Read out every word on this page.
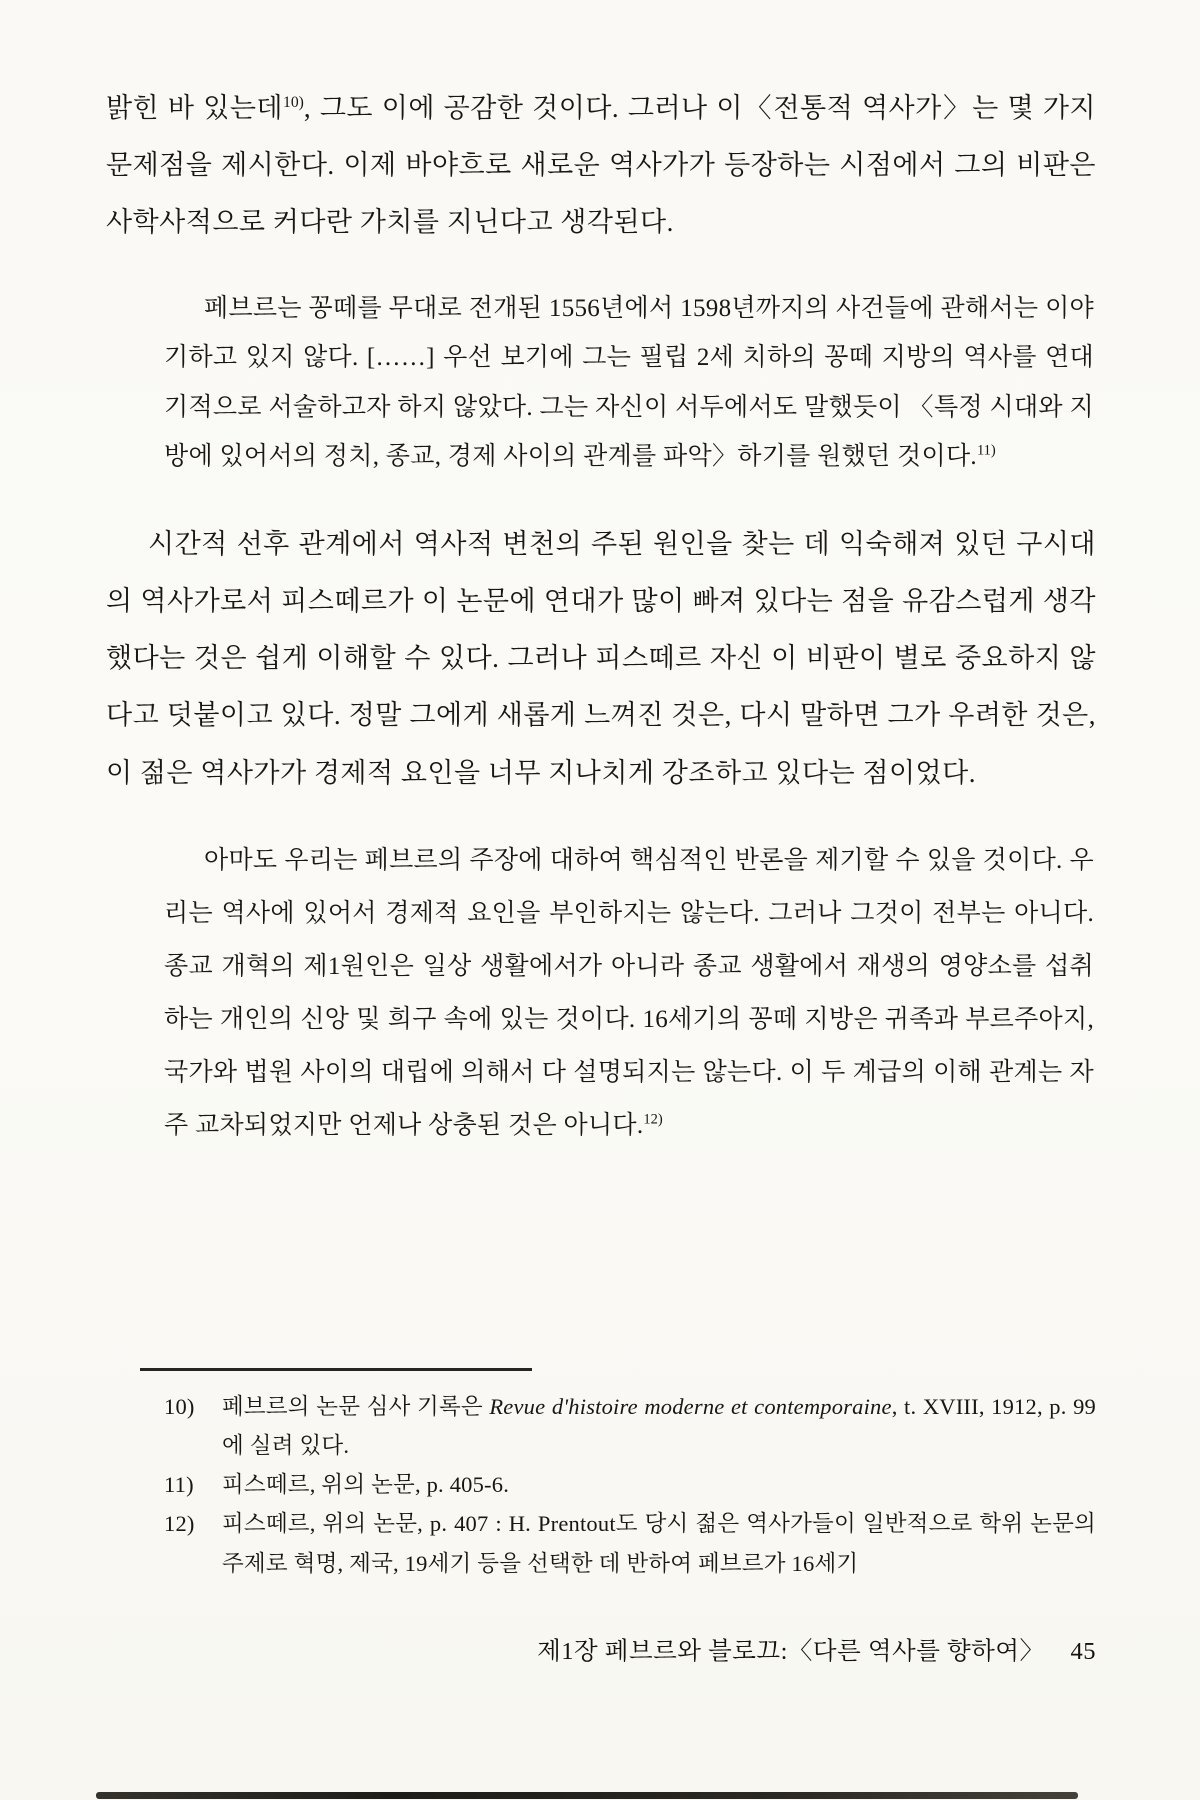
밝힌 바 있는데$^{10)}$, 그도 이에 공감한 것이다. 그러나 이〈전통적 역사가〉는 몇 가지 문제점을 제시한다. 이제 바야흐로 새로운 역사가가 등장하는 시점에서 그의 비판은 사학사적으로 커다란 가치를 지닌다고 생각된다.

페브르는 꽁떼를 무대로 전개된 1556년에서 1598년까지의 사건들에 관해서는 이야기하고 있지 않다. [……] 우선 보기에 그는 필립 2세 치하의 꽁떼 지방의 역사를 연대기적으로 서술하고자 하지 않았다. 그는 자신이 서두에서도 말했듯이 〈특정 시대와 지방에 있어서의 정치, 종교, 경제 사이의 관계를 파악〉하기를 원했던 것이다.$^{11)}$

시간적 선후 관계에서 역사적 변천의 주된 원인을 찾는 데 익숙해져 있던 구시대의 역사가로서 피스떼르가 이 논문에 연대가 많이 빠져 있다는 점을 유감스럽게 생각했다는 것은 쉽게 이해할 수 있다. 그러나 피스떼르 자신 이 비판이 별로 중요하지 않다고 덧붙이고 있다. 정말 그에게 새롭게 느껴진 것은, 다시 말하면 그가 우려한 것은, 이 젊은 역사가가 경제적 요인을 너무 지나치게 강조하고 있다는 점이었다.

아마도 우리는 페브르의 주장에 대하여 핵심적인 반론을 제기할 수 있을 것이다. 우리는 역사에 있어서 경제적 요인을 부인하지는 않는다. 그러나 그것이 전부는 아니다. 종교 개혁의 제1원인은 일상 생활에서가 아니라 종교 생활에서 재생의 영양소를 섭취하는 개인의 신앙 및 희구 속에 있는 것이다. 16세기의 꽁떼 지방은 귀족과 부르주아지, 국가와 법원 사이의 대립에 의해서 다 설명되지는 않는다. 이 두 계급의 이해 관계는 자주 교차되었지만 언제나 상충된 것은 아니다.$^{12)}$

10)	페브르의 논문 심사 기록은 Revue d'histoire moderne et contemporaine, t. XVIII, 1912, p. 99에 실려 있다.
11)	피스떼르, 위의 논문, p. 405-6.
12)	피스떼르, 위의 논문, p. 407 : H. Prentout도 당시 젊은 역사가들이 일반적으로 학위 논문의 주제로 혁명, 제국, 19세기 등을 선택한 데 반하여 페브르가 16세기
제1장 페브르와 블로끄:〈다른 역사를 향하여〉 45
